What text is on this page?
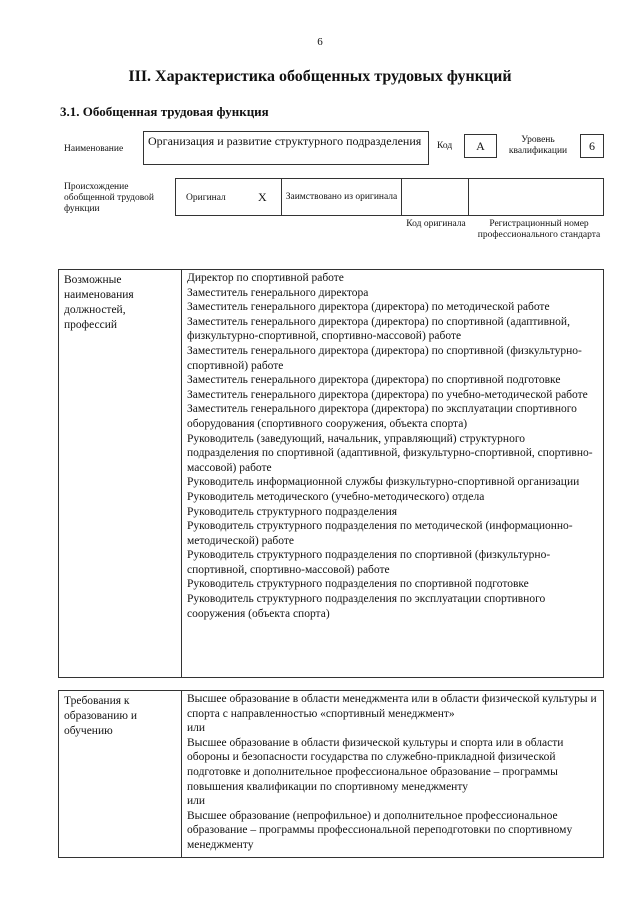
6
III. Характеристика обобщенных трудовых функций
3.1. Обобщенная трудовая функция
Наименование
Организация и развитие структурного подразделения	Код	A	Уровень квалификации	6
Происхождение обобщенной трудовой функции
Оригинал	X	Заимствовано из оригинала
Код оригинала	Регистрационный номер профессионального стандарта
Возможные наименования должностей, профессий
Директор по спортивной работе
Заместитель генерального директора
Заместитель генерального директора (директора) по методической работе
Заместитель генерального директора (директора) по спортивной (адаптивной, физкультурно-спортивной, спортивно-массовой) работе
Заместитель генерального директора (директора) по спортивной (физкультурно-спортивной) работе
Заместитель генерального директора (директора) по спортивной подготовке
Заместитель генерального директора (директора) по учебно-методической работе
Заместитель генерального директора (директора) по эксплуатации спортивного оборудования (спортивного сооружения, объекта спорта)
Руководитель (заведующий, начальник, управляющий) структурного подразделения по спортивной (адаптивной, физкультурно-спортивной, спортивно-массовой) работе
Руководитель информационной службы физкультурно-спортивной организации
Руководитель методического (учебно-методического) отдела
Руководитель структурного подразделения
Руководитель структурного подразделения по методической (информационно-методической) работе
Руководитель структурного подразделения по спортивной (физкультурно-спортивной, спортивно-массовой) работе
Руководитель структурного подразделения по спортивной подготовке
Руководитель структурного подразделения по эксплуатации спортивного сооружения (объекта спорта)
Требования к образованию и обучению
Высшее образование в области менеджмента или в области физической культуры и спорта с направленностью «спортивный менеджмент»
или
Высшее образование в области физической культуры и спорта или в области обороны и безопасности государства по служебно-прикладной физической подготовке и дополнительное профессиональное образование – программы повышения квалификации по спортивному менеджменту
или
Высшее образование (непрофильное) и дополнительное профессиональное образование – программы профессиональной переподготовки по спортивному менеджменту
